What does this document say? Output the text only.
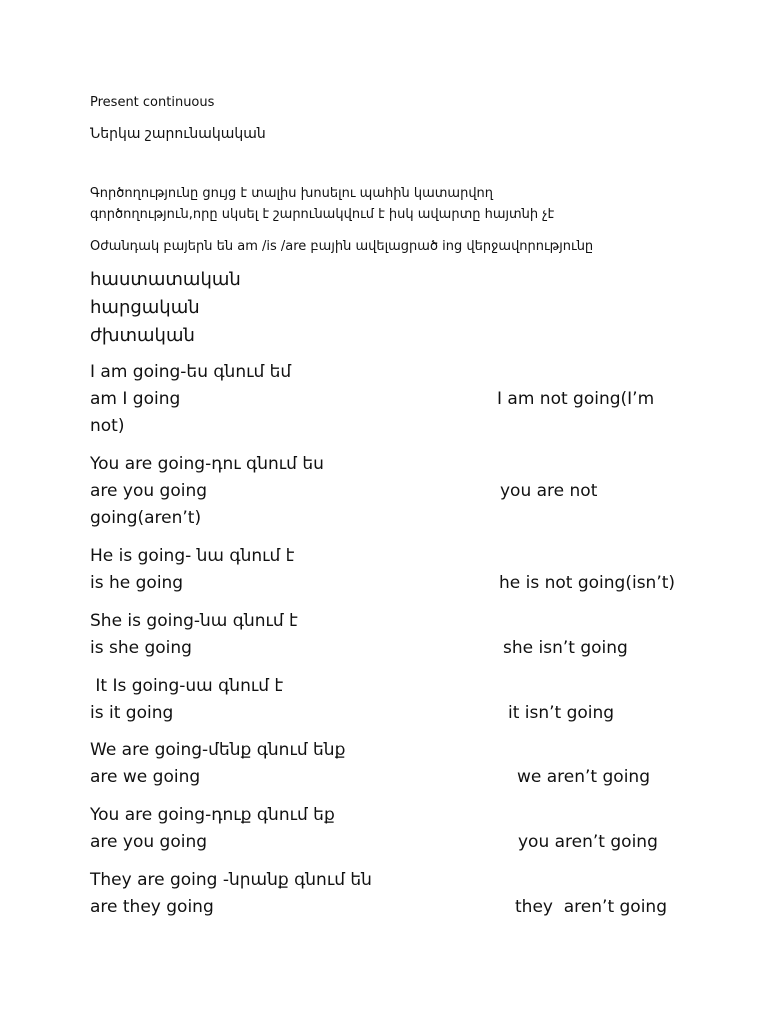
Present continuous
Ներկա շարունակական
Գործողությունը ցույց է տալիս խոսելու պահին կատարվող
գործողություն,որը սկսել է շարունակվում է իսկ ավարտը հայտնի չէ
Օժանդակ բայերն են am /is /are բային ավելացրած ing վերջավորությունը
հաստատական
հարցական
ժխտական
I am going-ես գնում եմ
am I going	I am not going(I’m
not)
You are going-դու գնում ես
are you going	you are not
going(aren’t)
He is going- նա գնում է
is he going	he is not going(isn’t)
She is going-նա գնում է
is she going	she isn’t going
It Is going-սա գնում է
is it going	it isn’t going
We are going-մենք գնում ենք
are we going	we aren’t going
You are going-դուք գնում եք
are you going	you aren’t going
They are going -նրանք գնում են
are they going	they  aren’t going
